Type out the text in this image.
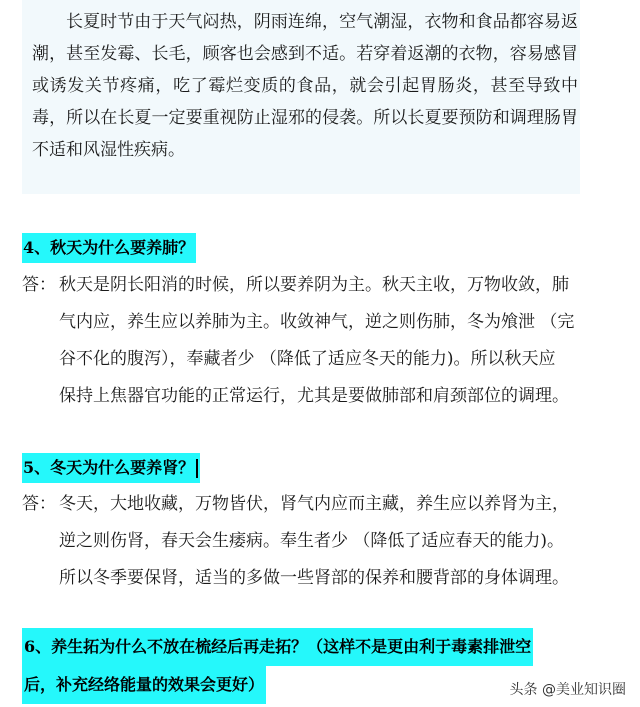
长夏时节由于天气闷热，阴雨连绵，空气潮湿，衣物和食品都容易返潮，甚至发霉、长毛，顾客也会感到不适。若穿着返潮的衣物，容易感冒或诱发关节疼痛，吃了霉烂变质的食品，就会引起胃肠炎，甚至导致中毒，所以在长夏一定要重视防止湿邪的侵袭。所以长夏要预防和调理肠胃不适和风湿性疾病。

4、秋天为什么要养肺？
答： 秋天是阴长阳消的时候，所以要养阴为主。秋天主收，万物收敛，肺
气内应，养生应以养肺为主。收敛神气，逆之则伤肺，冬为飧泄 （完
谷不化的腹泻），奉藏者少 （降低了适应冬天的能力)。所以秋天应
保持上焦器官功能的正常运行，尤其是要做肺部和肩颈部位的调理。
5、冬天为什么要养肾？
答： 冬天，大地收藏，万物皆伏，肾气内应而主藏，养生应以养肾为主，
逆之则伤肾，春天会生痿病。奉生者少 （降低了适应春天的能力)。
所以冬季要保肾，适当的多做一些肾部的保养和腰背部的身体调理。
6、养生拓为什么不放在梳经后再走拓？（这样不是更由利于毒素排泄空
后，补充经络能量的效果会更好）	头条 @美业知识圈
